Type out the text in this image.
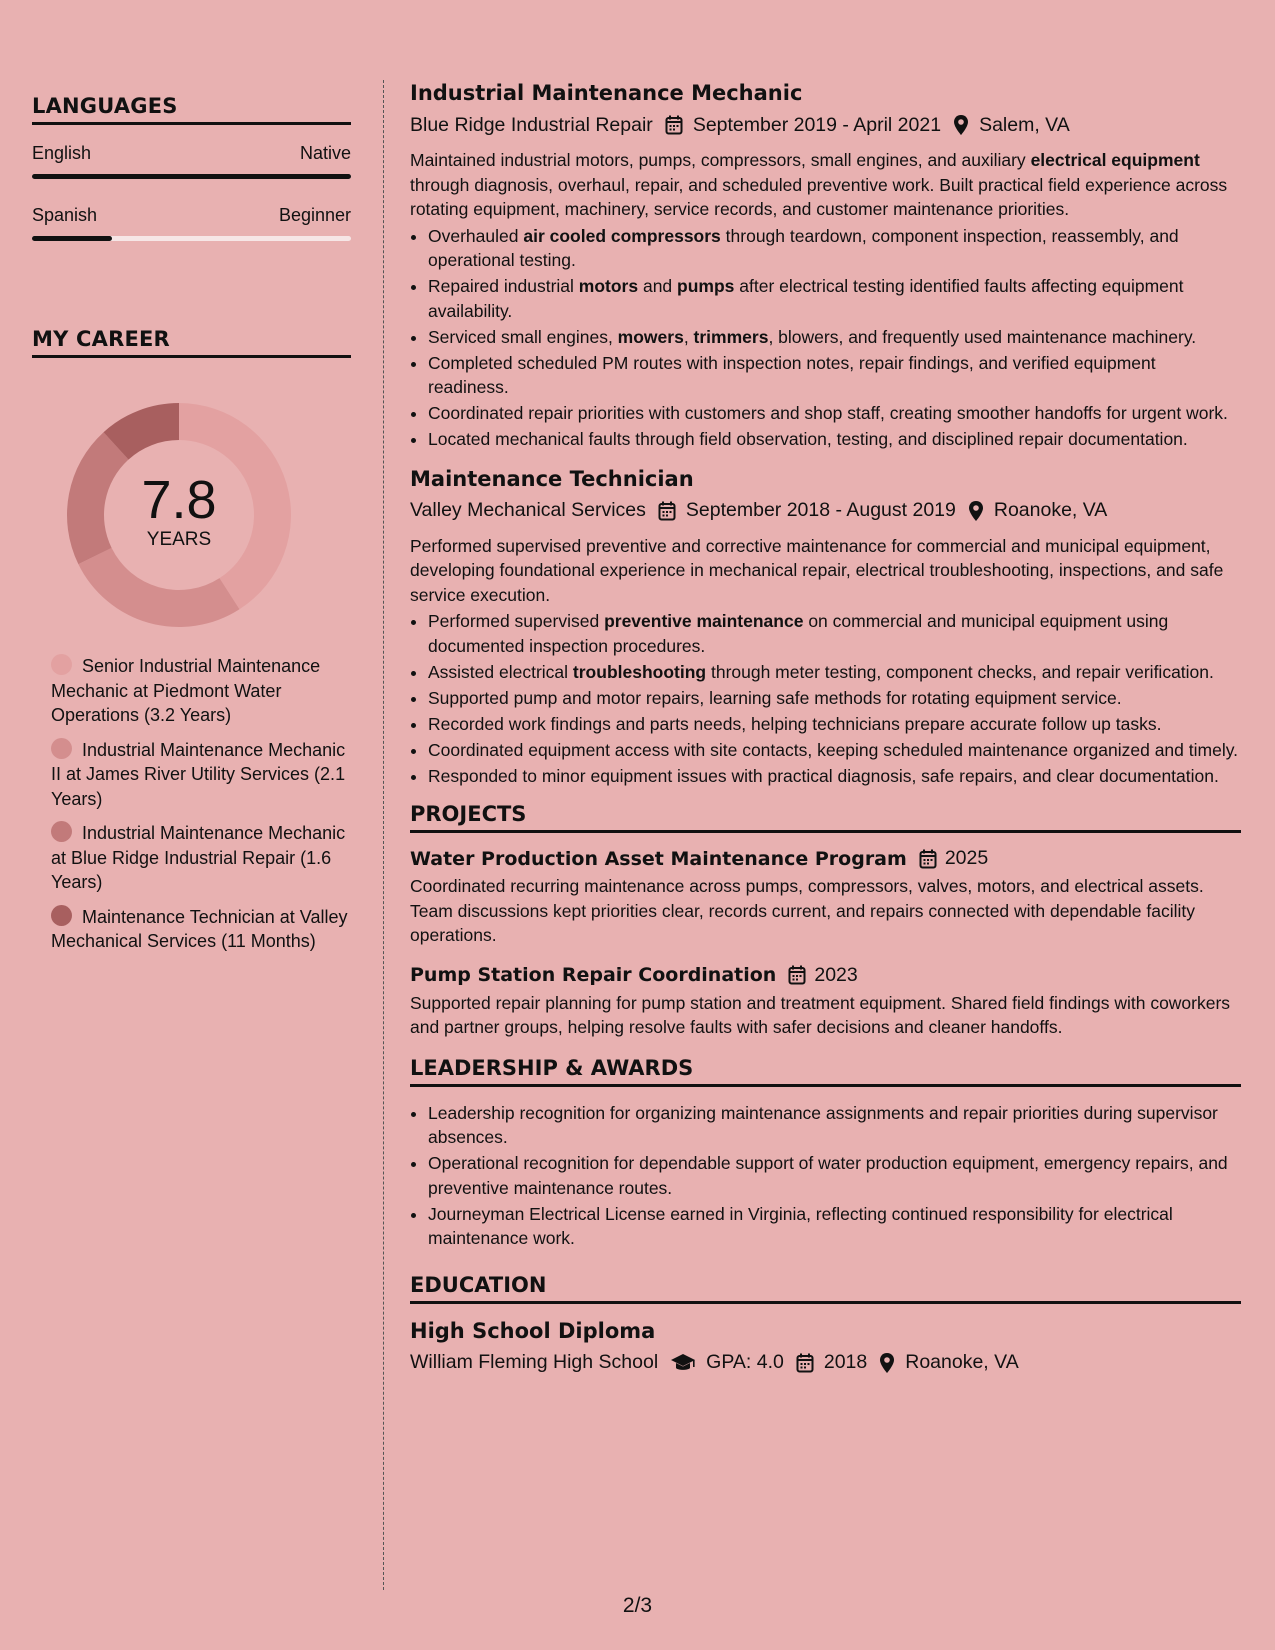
LANGUAGES
English	Native
Spanish	Beginner
MY CAREER
7.8
YEARS
Senior Industrial Maintenance Mechanic at Piedmont Water Operations (3.2 Years)
Industrial Maintenance Mechanic II at James River Utility Services (2.1 Years)
Industrial Maintenance Mechanic at Blue Ridge Industrial Repair (1.6 Years)
Maintenance Technician at Valley Mechanical Services (11 Months)
Industrial Maintenance Mechanic
Blue Ridge Industrial Repair September 2019 - April 2021 Salem, VA

Maintained industrial motors, pumps, compressors, small engines, and auxiliary electrical equipment through diagnosis, overhaul, repair, and scheduled preventive work. Built practical field experience across rotating equipment, machinery, service records, and customer maintenance priorities.

• Overhauled air cooled compressors through teardown, component inspection, reassembly, and operational testing.
• Repaired industrial motors and pumps after electrical testing identified faults affecting equipment availability.
• Serviced small engines, mowers, trimmers, blowers, and frequently used maintenance machinery.
• Completed scheduled PM routes with inspection notes, repair findings, and verified equipment readiness.
• Coordinated repair priorities with customers and shop staff, creating smoother handoffs for urgent work.
• Located mechanical faults through field observation, testing, and disciplined repair documentation.
Maintenance Technician
Valley Mechanical Services September 2018 - August 2019 Roanoke, VA

Performed supervised preventive and corrective maintenance for commercial and municipal equipment, developing foundational experience in mechanical repair, electrical troubleshooting, inspections, and safe service execution.

• Performed supervised preventive maintenance on commercial and municipal equipment using documented inspection procedures.
• Assisted electrical troubleshooting through meter testing, component checks, and repair verification.
• Supported pump and motor repairs, learning safe methods for rotating equipment service.
• Recorded work findings and parts needs, helping technicians prepare accurate follow up tasks.
• Coordinated equipment access with site contacts, keeping scheduled maintenance organized and timely.
• Responded to minor equipment issues with practical diagnosis, safe repairs, and clear documentation.
PROJECTS
Water Production Asset Maintenance Program 2025

Coordinated recurring maintenance across pumps, compressors, valves, motors, and electrical assets. Team discussions kept priorities clear, records current, and repairs connected with dependable facility operations.

Pump Station Repair Coordination 2023

Supported repair planning for pump station and treatment equipment. Shared field findings with coworkers and partner groups, helping resolve faults with safer decisions and cleaner handoffs.

LEADERSHIP & AWARDS
• Leadership recognition for organizing maintenance assignments and repair priorities during supervisor absences.
• Operational recognition for dependable support of water production equipment, emergency repairs, and preventive maintenance routes.
• Journeyman Electrical License earned in Virginia, reflecting continued responsibility for electrical maintenance work.
EDUCATION
High School Diploma
William Fleming High School GPA: 4.0 2018 Roanoke, VA
2/3
